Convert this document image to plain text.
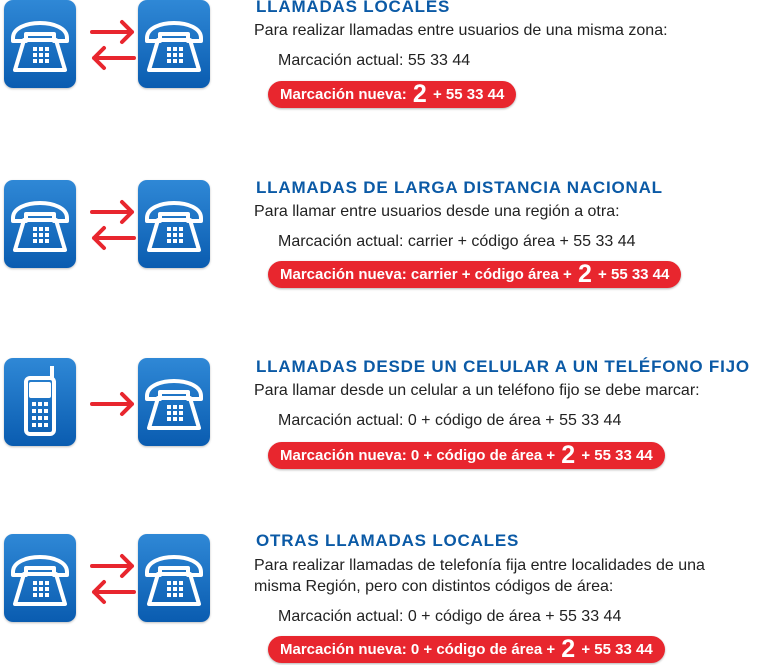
LLAMADAS LOCALES
Para realizar llamadas entre usuarios de una misma zona:
Marcación actual: 55 33 44
Marcación nueva: 2 + 55 33 44
LLAMADAS DE LARGA DISTANCIA NACIONAL
Para llamar entre usuarios desde una región a otra:
Marcación actual: carrier + código área + 55 33 44
Marcación nueva: carrier + código área + 2 + 55 33 44
LLAMADAS DESDE UN CELULAR A UN TELÉFONO FIJO
Para llamar desde un celular a un teléfono fijo se debe marcar:
Marcación actual: 0 + código de área + 55 33 44
Marcación nueva: 0 + código de área + 2 + 55 33 44
OTRAS LLAMADAS LOCALES
Para realizar llamadas de telefonía fija entre localidades de una
misma Región, pero con distintos códigos de área:
Marcación actual: 0 + código de área + 55 33 44
Marcación nueva: 0 + código de área + 2 + 55 33 44
